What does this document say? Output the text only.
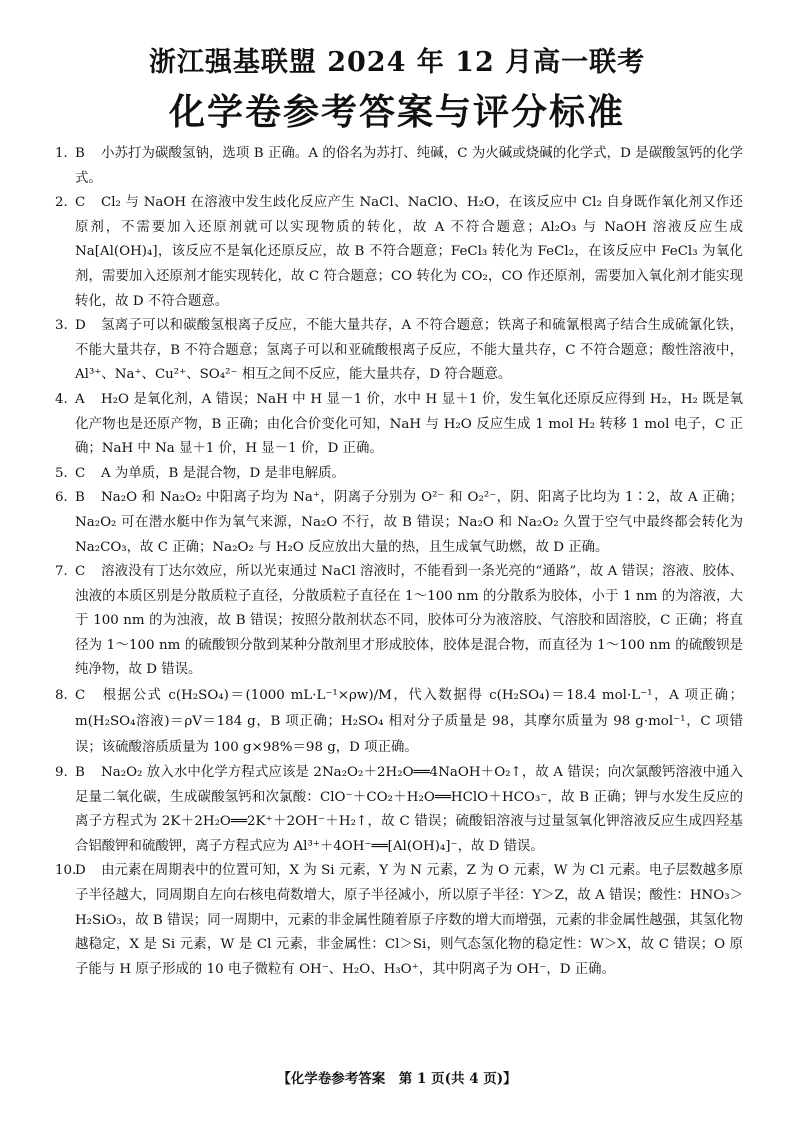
浙江强基联盟 2024 年 12 月高一联考
化学卷参考答案与评分标准

1. B 小苏打为碳酸氢钠，选项 B 正确。A 的俗名为苏打、纯碱，C 为火碱或烧碱的化学式，D 是碳酸氢钙的化学式。

2. C Cl₂ 与 NaOH 在溶液中发生歧化反应产生 NaCl、NaClO、H₂O，在该反应中 Cl₂ 自身既作氧化剂又作还原剂，不需要加入还原剂就可以实现物质的转化，故 A 不符合题意；Al₂O₃ 与 NaOH 溶液反应生成 Na[Al(OH)₄]，该反应不是氧化还原反应，故 B 不符合题意；FeCl₃ 转化为 FeCl₂，在该反应中 FeCl₃ 为氧化剂，需要加入还原剂才能实现转化，故 C 符合题意；CO 转化为 CO₂，CO 作还原剂，需要加入氧化剂才能实现转化，故 D 不符合题意。

3. D 氢离子可以和碳酸氢根离子反应，不能大量共存，A 不符合题意；铁离子和硫氰根离子结合生成硫氰化铁，不能大量共存，B 不符合题意；氢离子可以和亚硫酸根离子反应，不能大量共存，C 不符合题意；酸性溶液中，Al³⁺、Na⁺、Cu²⁺、SO₄²⁻ 相互之间不反应，能大量共存，D 符合题意。

4. A H₂O 是氧化剂，A 错误；NaH 中 H 显－1 价，水中 H 显＋1 价，发生氧化还原反应得到 H₂，H₂ 既是氧化产物也是还原产物，B 正确；由化合价变化可知，NaH 与 H₂O 反应生成 1 mol H₂ 转移 1 mol 电子，C 正确；NaH 中 Na 显＋1 价，H 显－1 价，D 正确。

5. C A 为单质，B 是混合物，D 是非电解质。

6. B Na₂O 和 Na₂O₂ 中阳离子均为 Na⁺，阴离子分别为 O²⁻ 和 O₂²⁻，阴、阳离子比均为 1∶2，故 A 正确；Na₂O₂ 可在潜水艇中作为氧气来源，Na₂O 不行，故 B 错误；Na₂O 和 Na₂O₂ 久置于空气中最终都会转化为 Na₂CO₃，故 C 正确；Na₂O₂ 与 H₂O 反应放出大量的热，且生成氧气助燃，故 D 正确。

7. C 溶液没有丁达尔效应，所以光束通过 NaCl 溶液时，不能看到一条光亮的“通路”，故 A 错误；溶液、胶体、浊液的本质区别是分散质粒子直径，分散质粒子直径在 1～100 nm 的分散系为胶体，小于 1 nm 的为溶液，大于 100 nm 的为浊液，故 B 错误；按照分散剂状态不同，胶体可分为液溶胶、气溶胶和固溶胶，C 正确；将直径为 1～100 nm 的硫酸钡分散到某种分散剂里才形成胶体，胶体是混合物，而直径为 1～100 nm 的硫酸钡是纯净物，故 D 错误。

8. C 根据公式 c(H₂SO₄)＝(1000 mL·L⁻¹×ρw)/M，代入数据得 c(H₂SO₄)＝18.4 mol·L⁻¹，A 项正确；m(H₂SO₄溶液)＝ρV＝184 g，B 项正确；H₂SO₄ 相对分子质量是 98，其摩尔质量为 98 g·mol⁻¹，C 项错误；该硫酸溶质质量为 100 g×98%＝98 g，D 项正确。

9. B Na₂O₂ 放入水中化学方程式应该是 2Na₂O₂＋2H₂O══4NaOH＋O₂↑，故 A 错误；向次氯酸钙溶液中通入足量二氧化碳，生成碳酸氢钙和次氯酸：ClO⁻＋CO₂＋H₂O══HClO＋HCO₃⁻，故 B 正确；钾与水发生反应的离子方程式为 2K＋2H₂O══2K⁺＋2OH⁻＋H₂↑，故 C 错误；硫酸铝溶液与过量氢氧化钾溶液反应生成四羟基合铝酸钾和硫酸钾，离子方程式应为 Al³⁺＋4OH⁻══[Al(OH)₄]⁻，故 D 错误。

10.D 由元素在周期表中的位置可知，X 为 Si 元素，Y 为 N 元素，Z 为 O 元素，W 为 Cl 元素。电子层数越多原子半径越大，同周期自左向右核电荷数增大，原子半径减小，所以原子半径：Y＞Z，故 A 错误；酸性：HNO₃＞H₂SiO₃，故 B 错误；同一周期中，元素的非金属性随着原子序数的增大而增强，元素的非金属性越强，其氢化物越稳定，X 是 Si 元素，W 是 Cl 元素，非金属性：Cl＞Si，则气态氢化物的稳定性：W＞X，故 C 错误；O 原子能与 H 原子形成的 10 电子微粒有 OH⁻、H₂O、H₃O⁺，其中阴离子为 OH⁻，D 正确。

【化学卷参考答案　第 1 页(共 4 页)】
